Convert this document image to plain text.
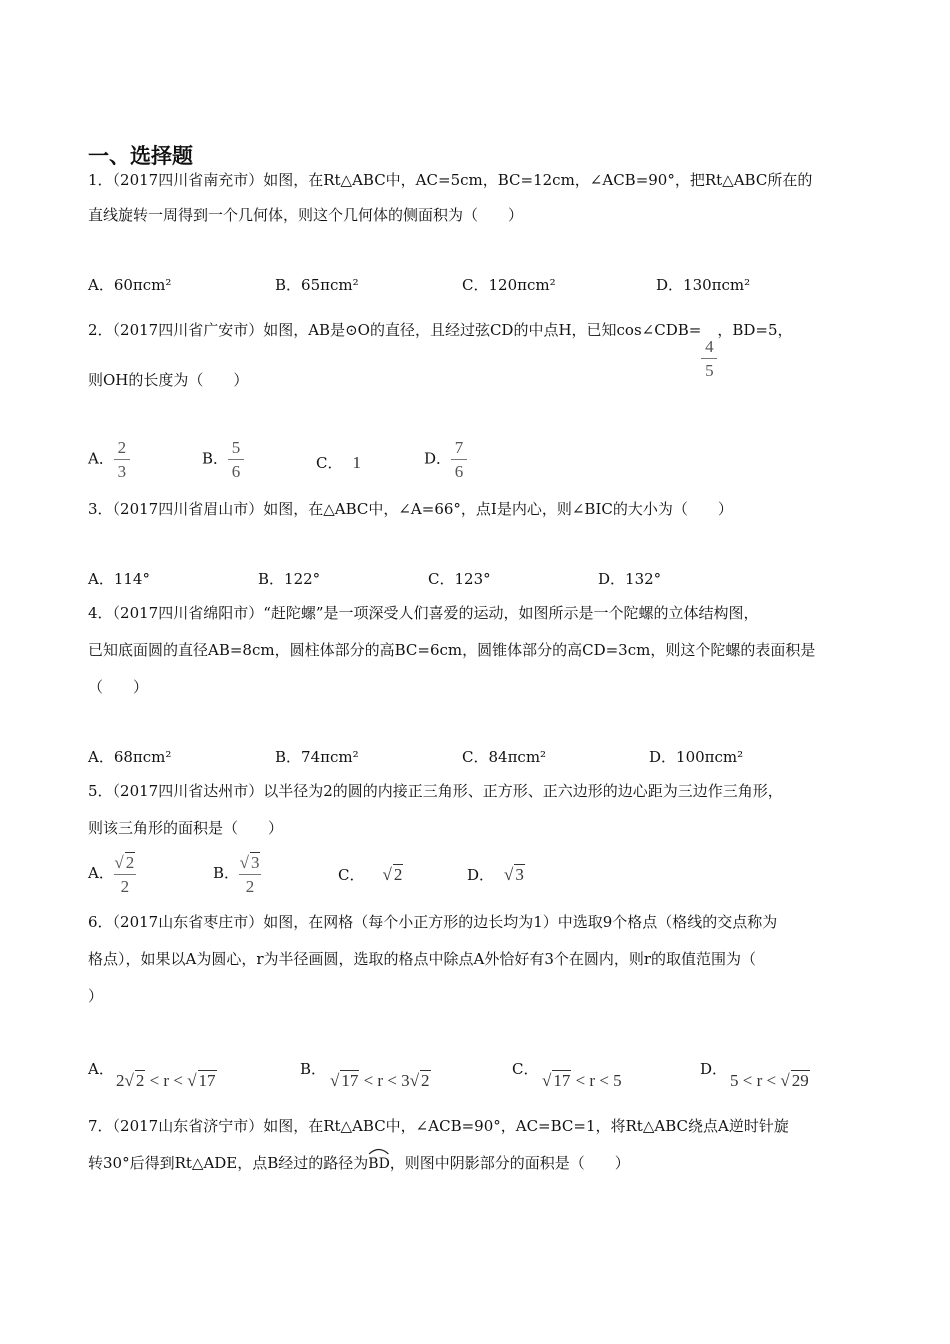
一、选择题
1．（2017四川省南充市）如图，在Rt△ABC中，AC=5cm，BC=12cm，∠ACB=90°，把Rt△ABC所在的
直线旋转一周得到一个几何体，则这个几何体的侧面积为（　　）
A．60πcm²	B．65πcm²	C．120πcm²	D．130πcm²
2．（2017四川省广安市）如图，AB是⊙O的直径，且经过弦CD的中点H，已知cos∠CDB=
$\frac{4}{5}$
，BD=5，
则OH的长度为（　　）
A． $\frac{2}{3}$	B． $\frac{5}{6}$	C． 1	D． $\frac{7}{6}$
3．（2017四川省眉山市）如图，在△ABC中，∠A=66°，点I是内心，则∠BIC的大小为（　　）
A．114°	B．122°	C．123°	D．132°
4．（2017四川省绵阳市）“赶陀螺”是一项深受人们喜爱的运动，如图所示是一个陀螺的立体结构图，
已知底面圆的直径AB=8cm，圆柱体部分的高BC=6cm，圆锥体部分的高CD=3cm，则这个陀螺的表面积是
（　　）
A．68πcm²	B．74πcm²	C．84πcm²	D．100πcm²
5．（2017四川省达州市）以半径为2的圆的内接正三角形、正方形、正六边形的边心距为三边作三角形，
则该三角形的面积是（　　）
A． $\frac{√ 2}{2}$	B． $\frac{√ 3}{2}$	C． √ 2	D． √ 3
6．（2017山东省枣庄市）如图，在网格（每个小正方形的边长均为1）中选取9个格点（格线的交点称为
格点），如果以A为圆心，r为半径画圆，选取的格点中除点A外恰好有3个在圆内，则r的取值范围为（
）
A．
2√ 2 < r < √ 17
B．
√ 17 < r < 3√ 2
C．
√ 17 < r < 5
D．
5 < r < √ 29
7．（2017山东省济宁市）如图，在Rt△ABC中，∠ACB=90°，AC=BC=1，将Rt△ABC绕点A逆时针旋
转30°后得到Rt△ADE，点B经过的路径为
BD，则图中阴影部分的面积是（　　）
